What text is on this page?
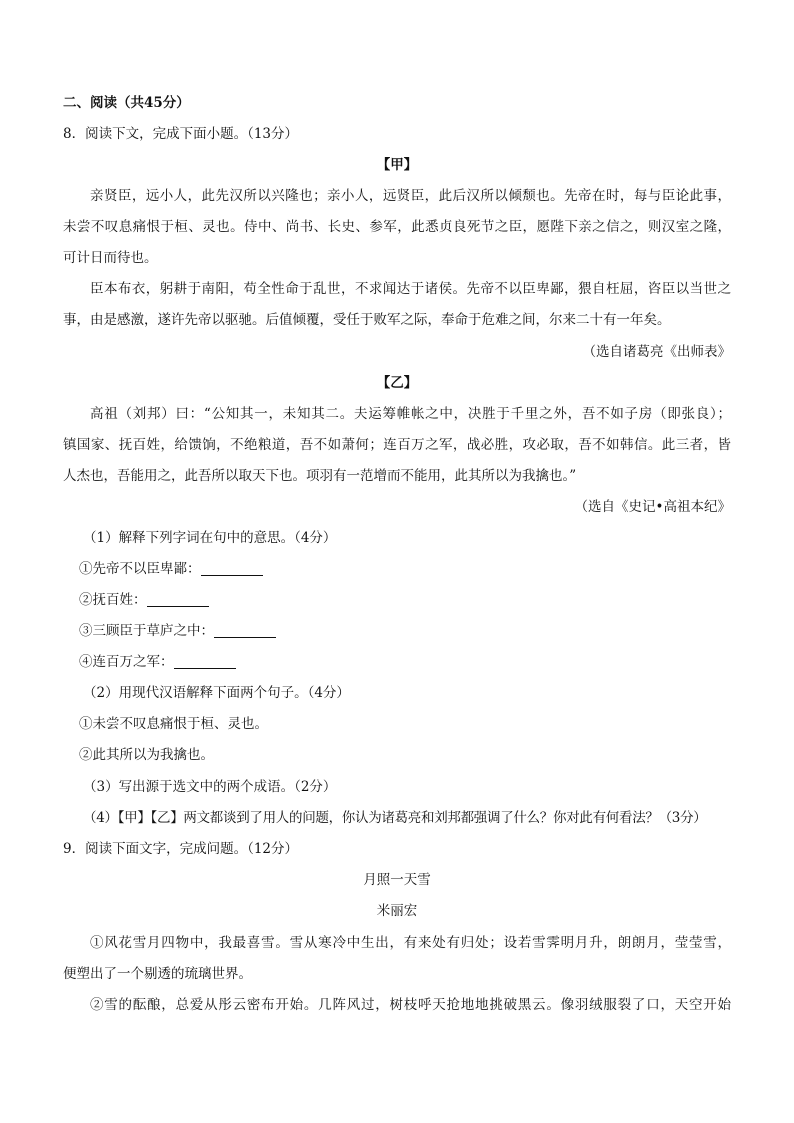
二、阅读（共45分）
8．阅读下文，完成下面小题。（13分）
【甲】
亲贤臣，远小人，此先汉所以兴隆也；亲小人，远贤臣，此后汉所以倾颓也。先帝在时，每与臣论此事，
未尝不叹息痛恨于桓、灵也。侍中、尚书、长史、参军，此悉贞良死节之臣，愿陛下亲之信之，则汉室之隆，
可计日而待也。
臣本布衣，躬耕于南阳，苟全性命于乱世，不求闻达于诸侯。先帝不以臣卑鄙，猥自枉屈，咨臣以当世之
事，由是感激，遂许先帝以驱驰。后值倾覆，受任于败军之际，奉命于危难之间，尔来二十有一年矣。
（选自诸葛亮《出师表》
【乙】
高祖（刘邦）曰：“公知其一，未知其二。夫运筹帷帐之中，决胜于千里之外，吾不如子房（即张良）；
镇国家、抚百姓，给馈饷，不绝粮道，吾不如萧何；连百万之军，战必胜，攻必取，吾不如韩信。此三者，皆
人杰也，吾能用之，此吾所以取天下也。项羽有一范增而不能用，此其所以为我擒也。”
（选自《史记•高祖本纪》
（1）解释下列字词在句中的意思。（4分）
①先帝不以臣卑鄙：
②抚百姓：
③三顾臣于草庐之中：
④连百万之军：
（2）用现代汉语解释下面两个句子。（4分）
①未尝不叹息痛恨于桓、灵也。
②此其所以为我擒也。
（3）写出源于选文中的两个成语。（2分）
（4）【甲】【乙】两文都谈到了用人的问题，你认为诸葛亮和刘邦都强调了什么？你对此有何看法？（3分）
9．阅读下面文字，完成问题。（12分）
月照一天雪
米丽宏
①风花雪月四物中，我最喜雪。雪从寒冷中生出，有来处有归处；设若雪霁明月升，朗朗月，莹莹雪，
便塑出了一个剔透的琉璃世界。
②雪的酝酿，总爱从彤云密布开始。几阵风过，树枝呼天抢地地挑破黑云。像羽绒服裂了口，天空开始
